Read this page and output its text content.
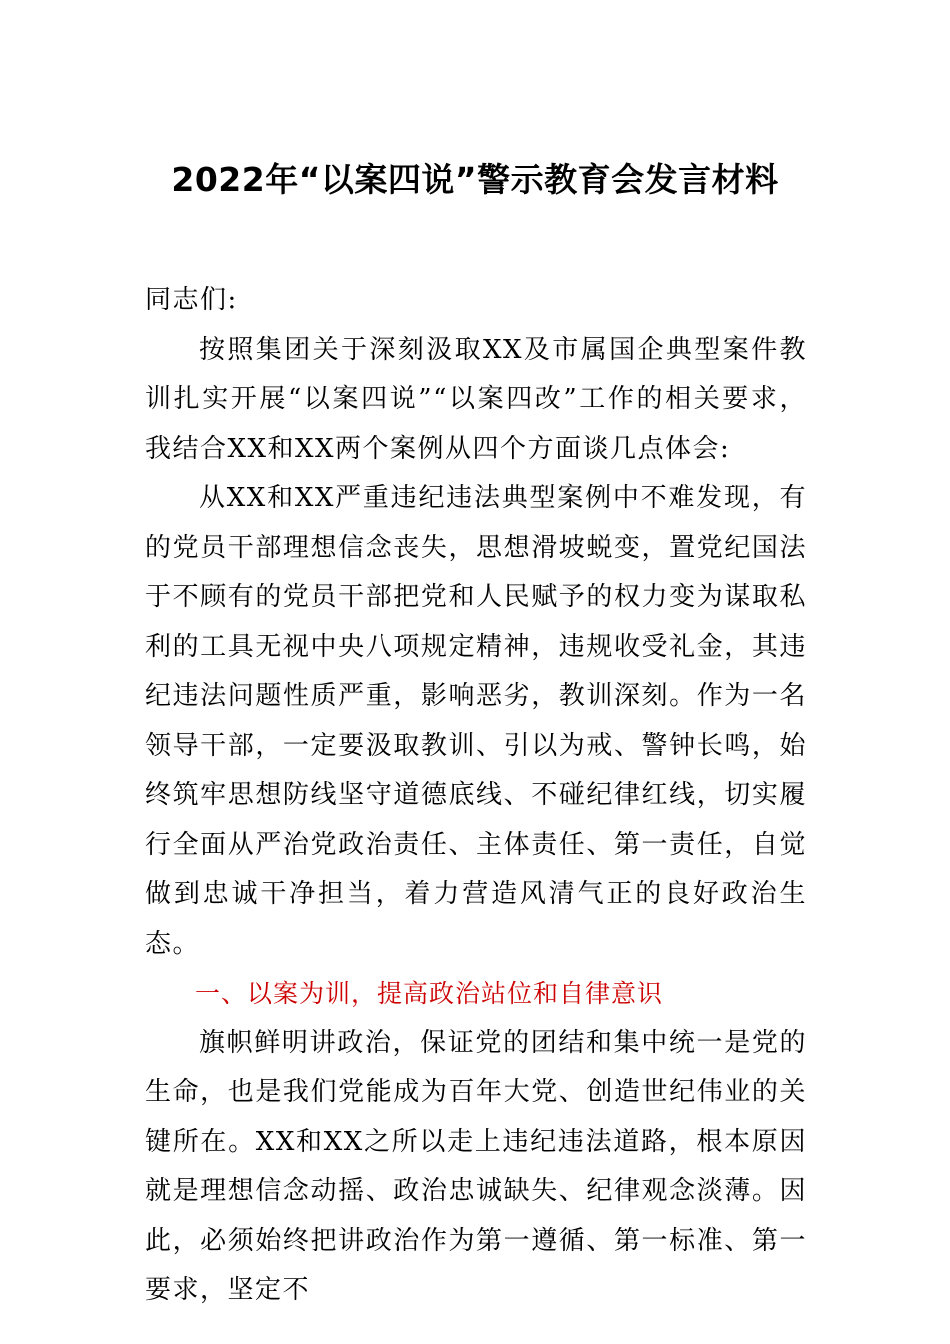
2022年“以案四说”警示教育会发言材料

同志们:

按照集团关于深刻汲取XX及市属国企典型案件教训扎实开展“以案四说”“以案四改”工作的相关要求，我结合XX和XX两个案例从四个方面谈几点体会:

从XX和XX严重违纪违法典型案例中不难发现，有的党员干部理想信念丧失，思想滑坡蜕变，置党纪国法于不顾有的党员干部把党和人民赋予的权力变为谋取私利的工具无视中央八项规定精神，违规收受礼金，其违纪违法问题性质严重，影响恶劣，教训深刻。作为一名领导干部，一定要汲取教训、引以为戒、警钟长鸣，始终筑牢思想防线坚守道德底线、不碰纪律红线，切实履行全面从严治党政治责任、主体责任、第一责任，自觉做到忠诚干净担当，着力营造风清气正的良好政治生态。

一、以案为训，提高政治站位和自律意识

旗帜鲜明讲政治，保证党的团结和集中统一是党的生命，也是我们党能成为百年大党、创造世纪伟业的关键所在。XX和XX之所以走上违纪违法道路，根本原因就是理想信念动摇、政治忠诚缺失、纪律观念淡薄。因此，必须始终把讲政治作为第一遵循、第一标准、第一要求，坚定不
